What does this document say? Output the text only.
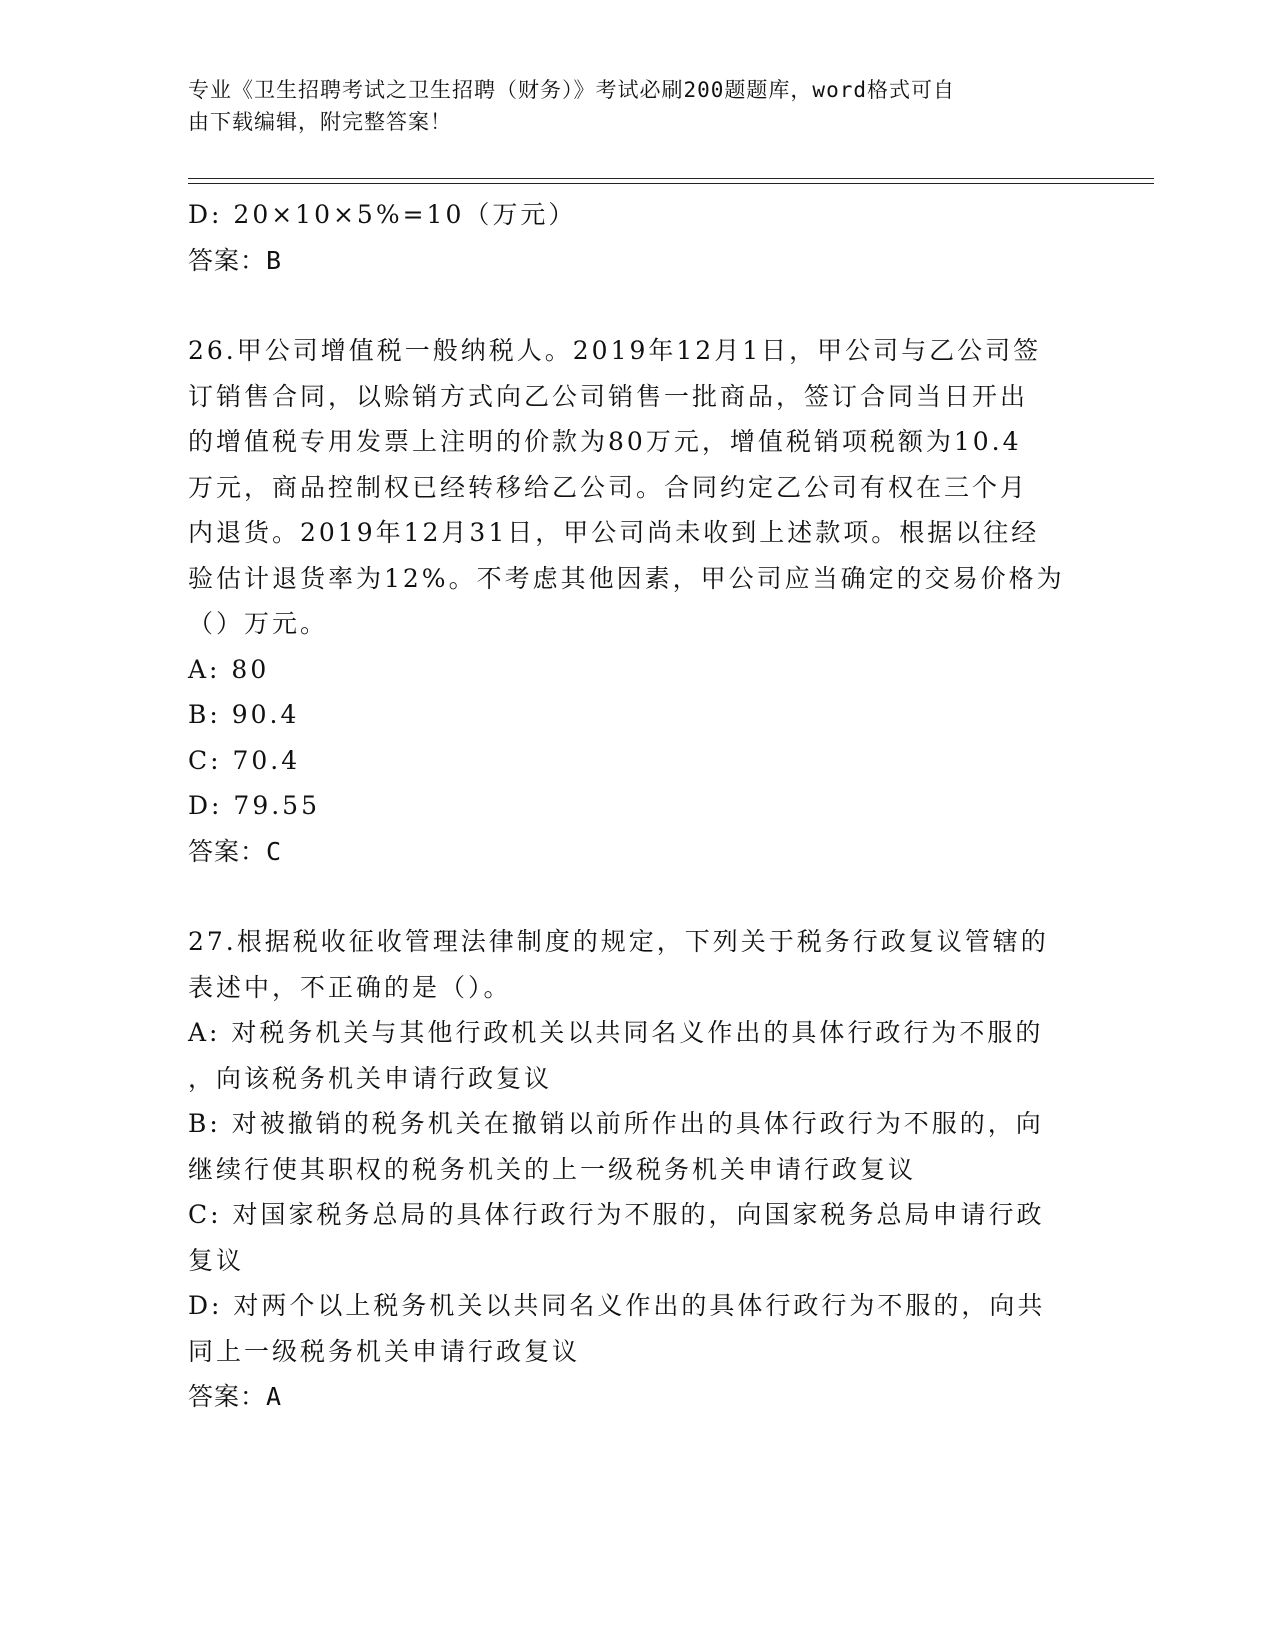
专业《卫生招聘考试之卫生招聘（财务）》考试必刷200题题库，word格式可自
由下载编辑，附完整答案！
D: 20×10×5%=10（万元）
答案：B
26.甲公司增值税一般纳税人。2019年12月1日，甲公司与乙公司签
订销售合同，以赊销方式向乙公司销售一批商品，签订合同当日开出
的增值税专用发票上注明的价款为80万元，增值税销项税额为10.4
万元，商品控制权已经转移给乙公司。合同约定乙公司有权在三个月
内退货。2019年12月31日，甲公司尚未收到上述款项。根据以往经
验估计退货率为12%。不考虑其他因素，甲公司应当确定的交易价格为
（）万元。
A: 80
B: 90.4
C: 70.4
D: 79.55
答案：C
27.根据税收征收管理法律制度的规定，下列关于税务行政复议管辖的
表述中，不正确的是（）。
A: 对税务机关与其他行政机关以共同名义作出的具体行政行为不服的
，向该税务机关申请行政复议
B: 对被撤销的税务机关在撤销以前所作出的具体行政行为不服的，向
继续行使其职权的税务机关的上一级税务机关申请行政复议
C: 对国家税务总局的具体行政行为不服的，向国家税务总局申请行政
复议
D: 对两个以上税务机关以共同名义作出的具体行政行为不服的，向共
同上一级税务机关申请行政复议
答案：A
